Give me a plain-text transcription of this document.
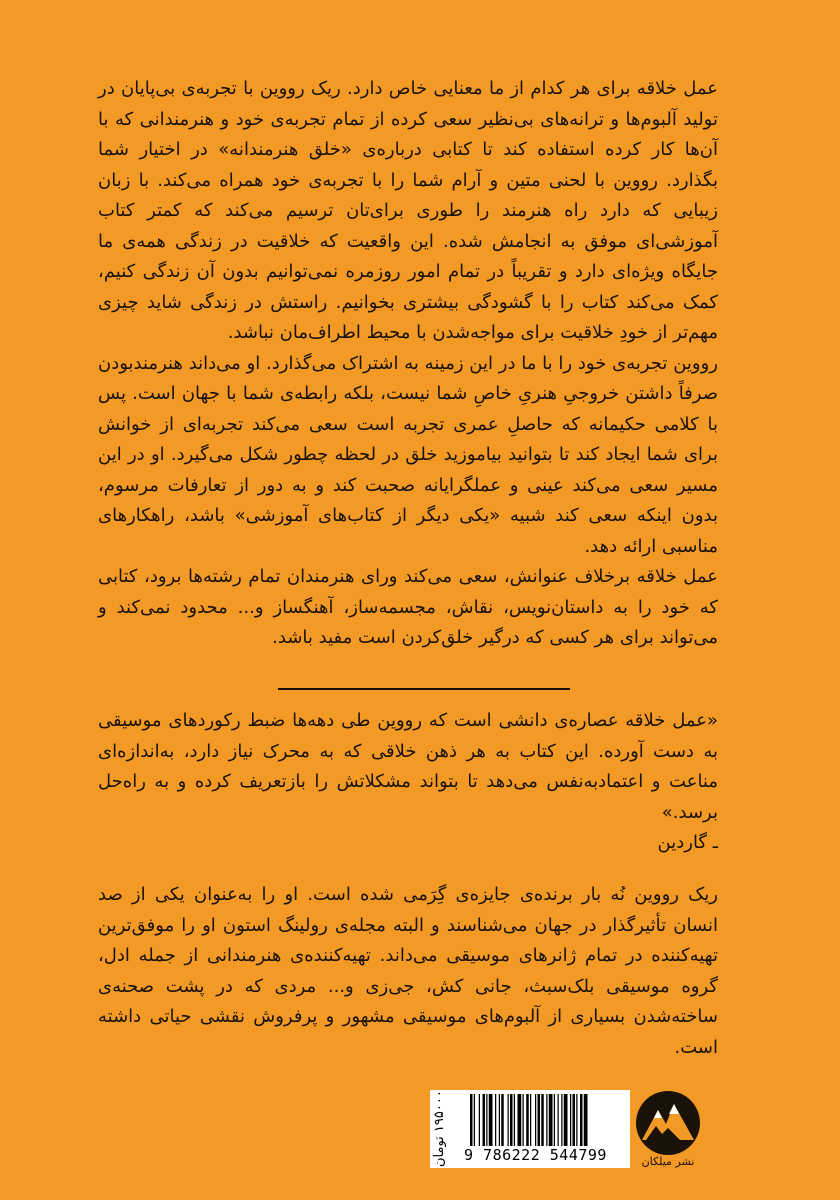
عمل خلاقه برای هر کدام از ما معنایی خاص دارد. ریک رووین با تجربه‌ی بی‌پایان در تولید آلبوم‌ها و ترانه‌های بی‌نظیر سعی کرده از تمام تجربه‌ی خود و هنرمندانی که با آن‌ها کار کرده استفاده کند تا کتابی درباره‌ی «خلق هنرمندانه» در اختیار شما بگذارد. رووین با لحنی متین و آرام شما را با تجربه‌ی خود همراه می‌کند. با زبان زیبایی که دارد راه هنرمند را طوری برای‌تان ترسیم می‌کند که کمتر کتاب آموزشی‌ای موفق به انجامش شده. این واقعیت که خلاقیت در زندگی همه‌ی ما جایگاه ویژه‌ای دارد و تقریباً در تمام امور روزمره نمی‌توانیم بدون آن زندگی کنیم، کمک می‌کند کتاب را با گشودگی بیشتری بخوانیم. راستش در زندگی شاید چیزی مهم‌تر از خودِ خلاقیت برای مواجه‌شدن با محیط اطراف‌مان نباشد.

رووین تجربه‌ی خود را با ما در این زمینه به اشتراک می‌گذارد. او می‌داند هنرمندبودن صرفاً داشتن خروجیِ هنریِ خاصِ شما نیست، بلکه رابطه‌ی شما با جهان است. پس با کلامی حکیمانه که حاصلِ عمری تجربه است سعی می‌کند تجربه‌ای از خوانش برای شما ایجاد کند تا بتوانید بیاموزید خلق در لحظه چطور شکل می‌گیرد. او در این مسیر سعی می‌کند عینی و عملگرایانه صحبت کند و به دور از تعارفات مرسوم، بدون اینکه سعی کند شبیه «یکی دیگر از کتاب‌های آموزشی» باشد، راهکارهای مناسبی ارائه دهد.

عمل خلاقه برخلاف عنوانش، سعی می‌کند ورای هنرمندان تمام رشته‌ها برود، کتابی که خود را به داستان‌نویس، نقاش، مجسمه‌ساز، آهنگساز و... محدود نمی‌کند و می‌تواند برای هر کسی که درگیر خلق‌کردن است مفید باشد.

«عمل خلاقه عصاره‌ی دانشی است که رووین طی دهه‌ها ضبط رکوردهای موسیقی به دست آورده. این کتاب به هر ذهن خلاقی که به محرک نیاز دارد، به‌اندازه‌ای مناعت و اعتمادبه‌نفس می‌دهد تا بتواند مشکلاتش را بازتعریف کرده و به راه‌حل برسد.»

ـ گاردین

ریک رووین نُه بار برنده‌ی جایزه‌ی گِرَمی شده است. او را به‌عنوان یکی از صد انسان تأثیرگذار در جهان می‌شناسند و البته مجله‌ی رولینگ استون او را موفق‌ترین تهیه‌کننده در تمام ژانرهای موسیقی می‌داند. تهیه‌کننده‌ی هنرمندانی از جمله ادل، گروه موسیقی بلک‌سبث، جانی کش، جی‌زی و... مردی که در پشت صحنه‌ی ساخته‌شدن بسیاری از آلبوم‌های موسیقی مشهور و پرفروش نقشی حیاتی داشته است.

۱۹۵۰۰۰ تومان
9 786222 544799	نشر میلکان
